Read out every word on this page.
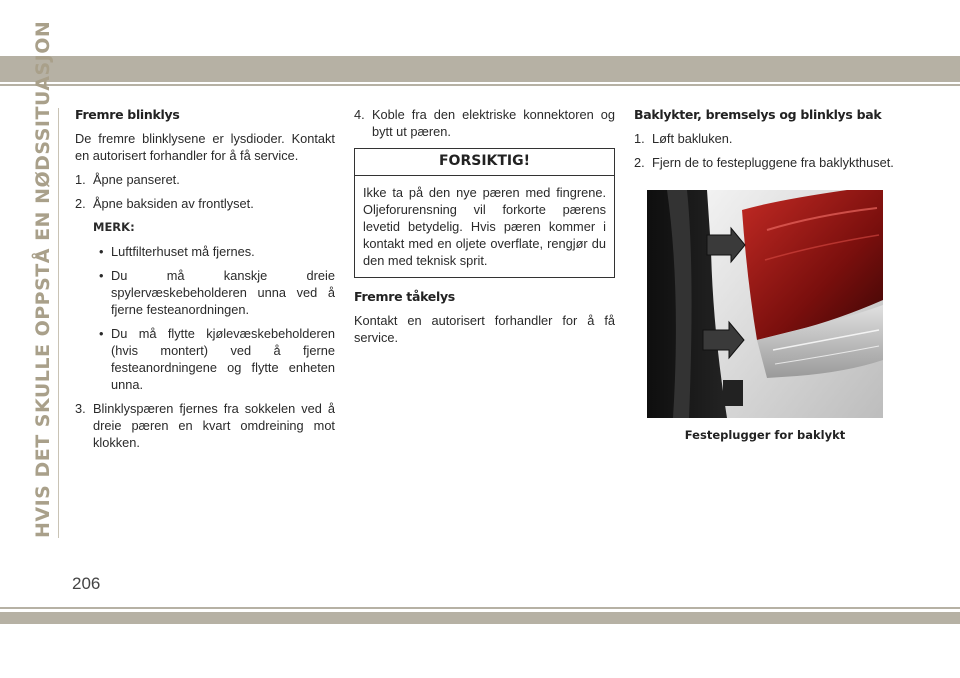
HVIS DET SKULLE OPPSTÅ EN NØDSSITUASJON
206
Fremre blinklys

De fremre blinklysene er lysdioder. Kontakt en autorisert forhandler for å få service.

1. Åpne panseret.
2. Åpne baksiden av frontlyset.
MERK:
• Luftfilterhuset må fjernes.
• Du må kanskje dreie spylervæskebeholderen unna ved å fjerne festeanordningen.
• Du må flytte kjølevæskebeholderen (hvis montert) ved å fjerne festeanordningene og flytte enheten unna.
3. Blinklyspæren fjernes fra sokkelen ved å dreie pæren en kvart omdreining mot klokken.
4. Koble fra den elektriske konnektoren og bytt ut pæren.
FORSIKTIG!
Ikke ta på den nye pæren med fingrene. Oljeforurensning vil forkorte pærens levetid betydelig. Hvis pæren kommer i kontakt med en oljete overflate, rengjør du den med teknisk sprit.
Fremre tåkelys

Kontakt en autorisert forhandler for å få service.

Baklykter, bremselys og blinklys bak
1. Løft bakluken.
2. Fjern de to festepluggene fra baklykthuset.
Festeplugger for baklykt
